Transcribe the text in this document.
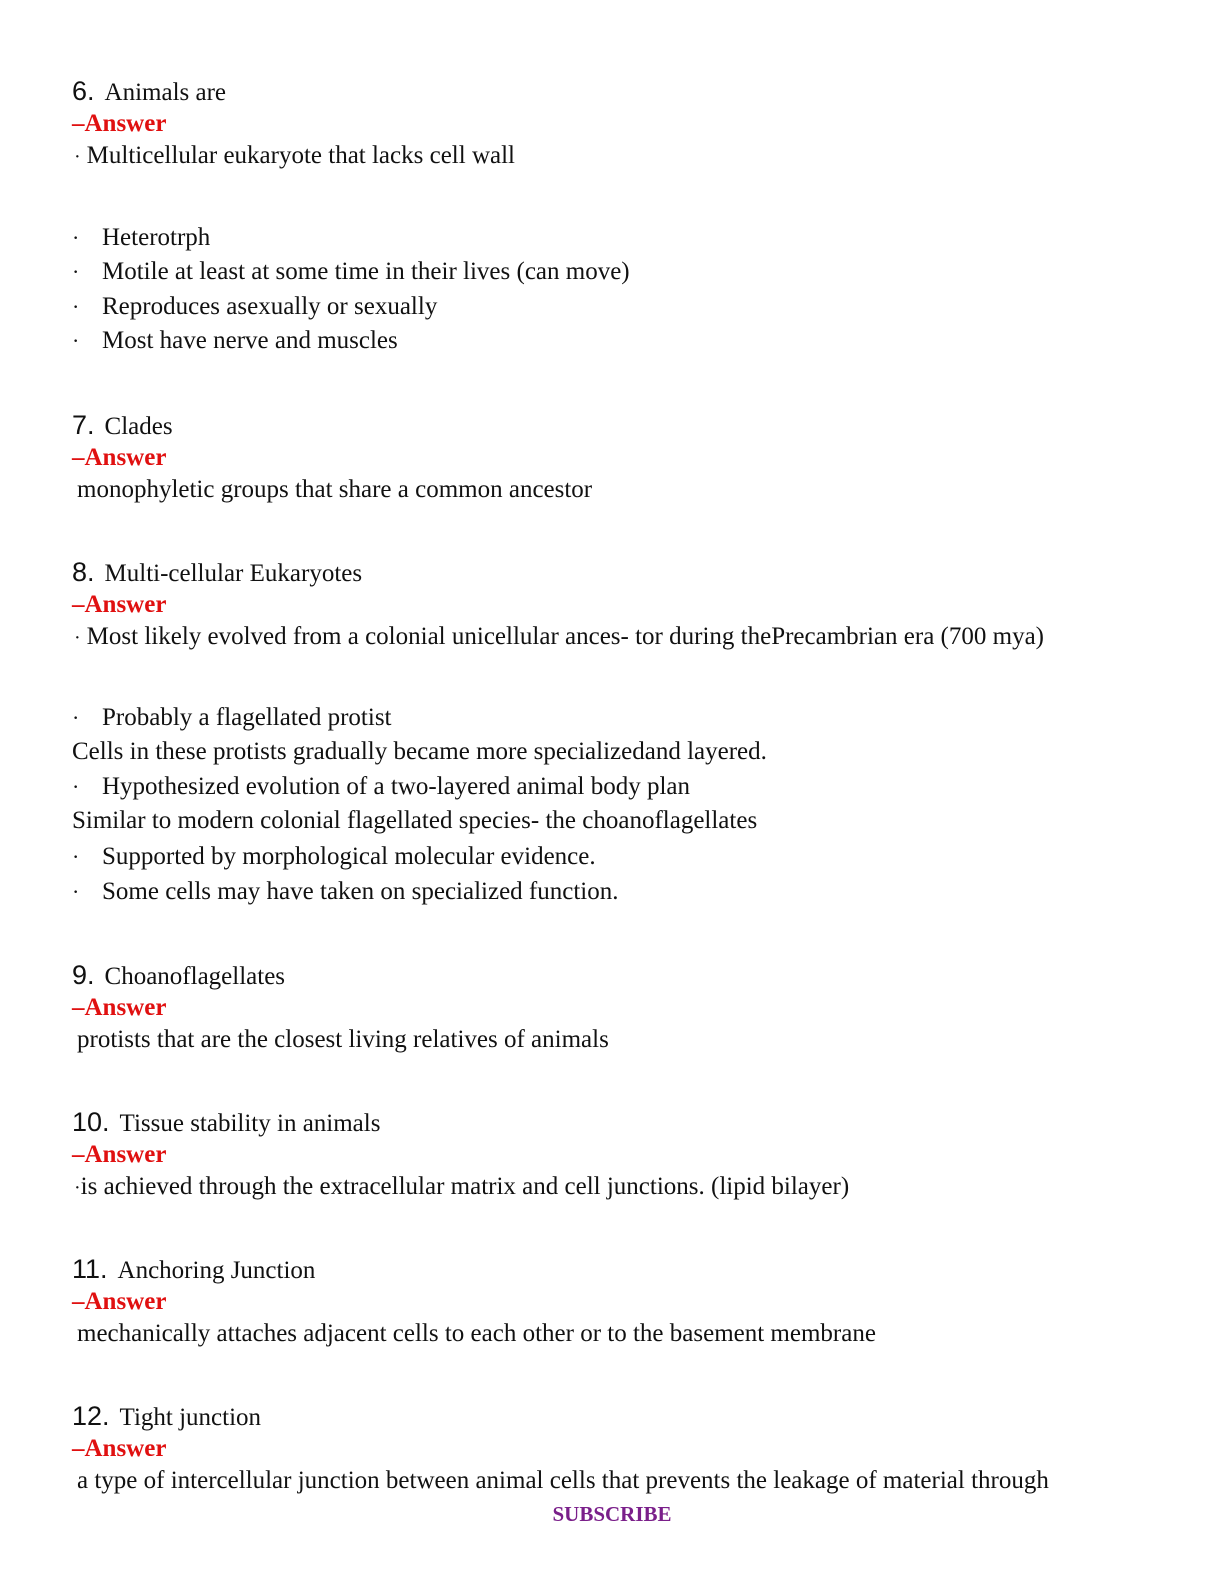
6. Animals are
–Answer
· Multicellular eukaryote that lacks cell wall
· Heterotrph
· Motile at least at some time in their lives (can move)
· Reproduces asexually or sexually
· Most have nerve and muscles
7. Clades
–Answer
monophyletic groups that share a common ancestor
8. Multi-cellular Eukaryotes
–Answer
· Most likely evolved from a colonial unicellular ances- tor during thePrecambrian era (700 mya)
· Probably a flagellated protist
Cells in these protists gradually became more specializedand layered.
· Hypothesized evolution of a two-layered animal body plan
Similar to modern colonial flagellated species- the choanoflagellates
· Supported by morphological molecular evidence.
· Some cells may have taken on specialized function.
9. Choanoflagellates
–Answer
protists that are the closest living relatives of animals
10. Tissue stability in animals
–Answer
·is achieved through the extracellular matrix and cell junctions. (lipid bilayer)
11. Anchoring Junction
–Answer
mechanically attaches adjacent cells to each other or to the basement membrane
12. Tight junction
–Answer
a type of intercellular junction between animal cells that prevents the leakage of material through
SUBSCRIBE
